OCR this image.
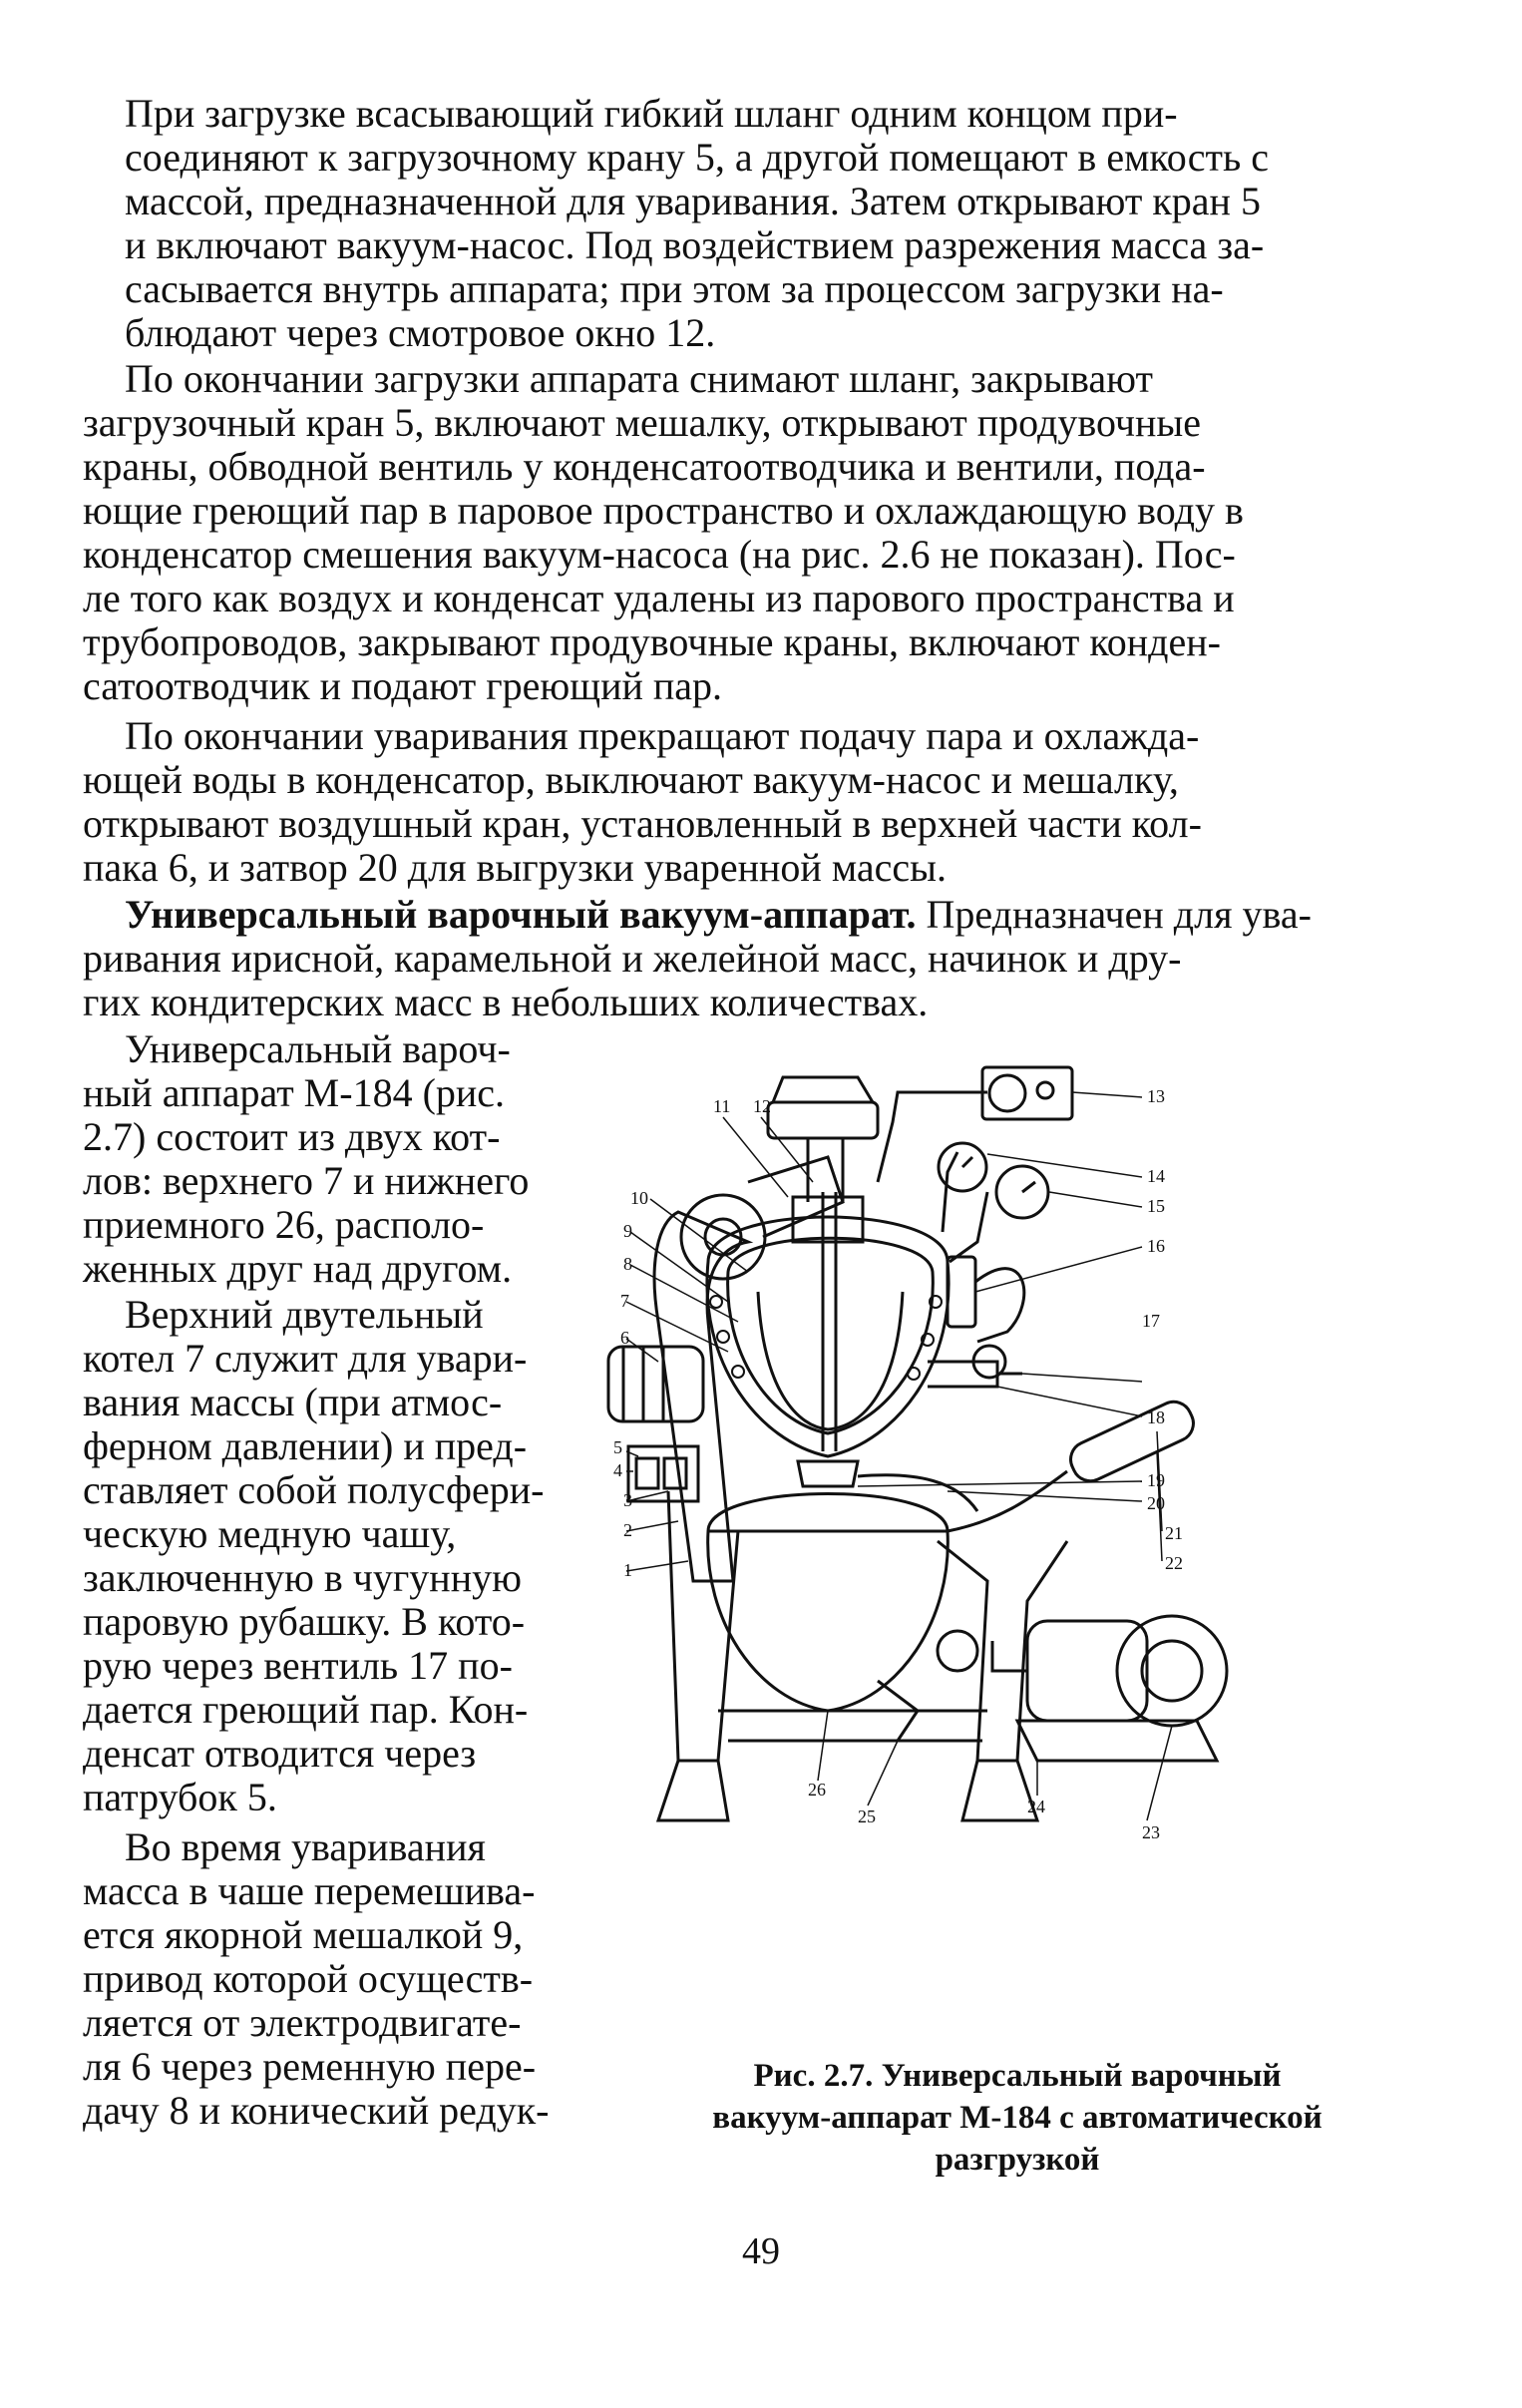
При загрузке всасывающий гибкий шланг одним концом при-
соединяют к загрузочному крану 5, а другой помещают в емкость с
массой, предназначенной для уваривания. Затем открывают кран 5
и включают вакуум-насос. Под воздействием разрежения масса за-
сасывается внутрь аппарата; при этом за процессом загрузки на-
блюдают через смотровое окно 12.
По окончании загрузки аппарата снимают шланг, закрывают
загрузочный кран 5, включают мешалку, открывают продувочные
краны, обводной вентиль у конденсатоотводчика и вентили, пода-
ющие греющий пар в паровое пространство и охлаждающую воду в
конденсатор смешения вакуум-насоса (на рис. 2.6 не показан). Пос-
ле того как воздух и конденсат удалены из парового пространства и
трубопроводов, закрывают продувочные краны, включают конден-
сатоотводчик и подают греющий пар.
По окончании уваривания прекращают подачу пара и охлажда-
ющей воды в конденсатор, выключают вакуум-насос и мешалку,
открывают воздушный кран, установленный в верхней части кол-
пака 6, и затвор 20 для выгрузки уваренной массы.
Универсальный варочный вакуум-аппарат. Предназначен для ува-
ривания ирисной, карамельной и желейной масс, начинок и дру-
гих кондитерских масс в небольших количествах.
Универсальный вароч-
ный аппарат М-184 (рис.
2.7) состоит из двух кот-
лов: верхнего 7 и нижнего
приемного 26, располо-
женных друг над другом.
Верхний двутельный
котел 7 служит для увари-
вания массы (при атмос-
ферном давлении) и пред-
ставляет собой полусфери-
ческую медную чашу,
заключенную в чугунную
паровую рубашку. В кото-
рую через вентиль 17 по-
дается греющий пар. Кон-
денсат отводится через
патрубок 5.
Во время уваривания
масса в чаше перемешива-
ется якорной мешалкой 9,
привод которой осуществ-
ляется от электродвигате-
ля 6 через ременную пере-
дачу 8 и конический редук-
1
2
3
4
5
6
7
8
9
10
11 12	13
14
15
16
17
18
19
20
21
22
23
24
25
26
Рис. 2.7. Универсальный варочный
вакуум-аппарат М-184 с автоматической
разгрузкой
49
